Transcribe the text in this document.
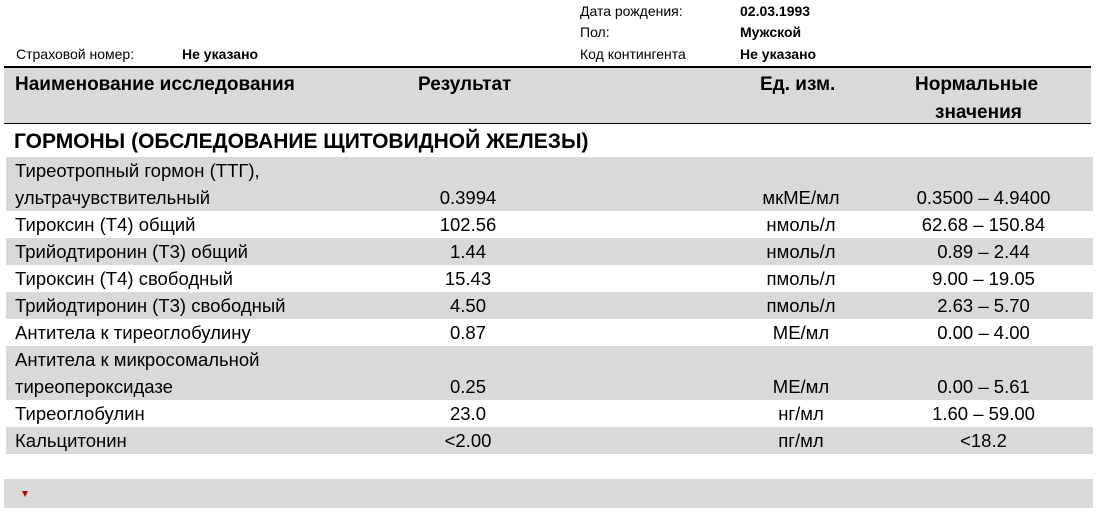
Дата рождения:	02.03.1993
Пол:	Мужской
Страховой номер:	Не указано	Код контингента	Не указано
Наименование исследования	Результат	Ед. изм.	Нормальные
значения
ГОРМОНЫ (ОБСЛЕДОВАНИЕ ЩИТОВИДНОЙ ЖЕЛЕЗЫ)
Тиреотропный гормон (ТТГ), ультрачувствительный	0.3994	мкМЕ/мл	0.3500 – 4.9400
Тироксин (Т4) общий	102.56	нмоль/л	62.68 – 150.84
Трийодтиронин (Т3) общий	1.44	нмоль/л	0.89 – 2.44
Тироксин (Т4) свободный	15.43	пмоль/л	9.00 – 19.05
Трийодтиронин (Т3) свободный	4.50	пмоль/л	2.63 – 5.70
Антитела к тиреоглобулину	0.87	МЕ/мл	0.00 – 4.00
Антитела к микросомальной тиреопероксидазе	0.25	МЕ/мл	0.00 – 5.61
Тиреоглобулин	23.0	нг/мл	1.60 – 59.00
Кальцитонин	<2.00	пг/мл	<18.2
